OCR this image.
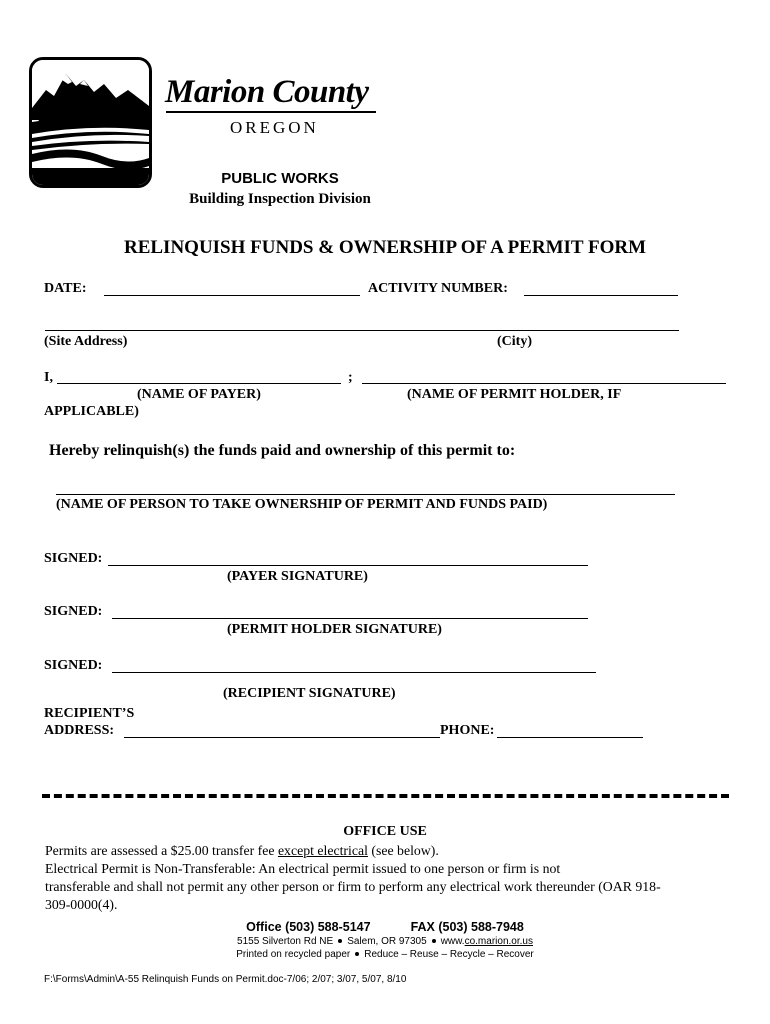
Marion County
OREGON
PUBLIC WORKS
Building Inspection Division
RELINQUISH FUNDS & OWNERSHIP OF A PERMIT FORM
DATE:	ACTIVITY NUMBER:
(Site Address)	(City)
I,	;
(NAME OF PAYER)	(NAME OF PERMIT HOLDER, IF
APPLICABLE)
Hereby relinquish(s) the funds paid and ownership of this permit to:
(NAME OF PERSON TO TAKE OWNERSHIP OF PERMIT AND FUNDS PAID)
SIGNED:
(PAYER SIGNATURE)
SIGNED:
(PERMIT HOLDER SIGNATURE)
SIGNED:
(RECIPIENT SIGNATURE)
RECIPIENT’S
ADDRESS:	PHONE:
OFFICE USE
Permits are assessed a $25.00 transfer fee except electrical (see below).
Electrical Permit is Non-Transferable: An electrical permit issued to one person or firm is not
transferable and shall not permit any other person or firm to perform any electrical work thereunder (OAR 918-
309-0000(4).
Office (503) 588-5147	FAX (503) 588-7948
5155 Silverton Rd NE Salem, OR 97305 www.co.marion.or.us
Printed on recycled paper Reduce – Reuse – Recycle – Recover
F:\Forms\Admin\A-55 Relinquish Funds on Permit.doc-7/06; 2/07; 3/07, 5/07, 8/10
